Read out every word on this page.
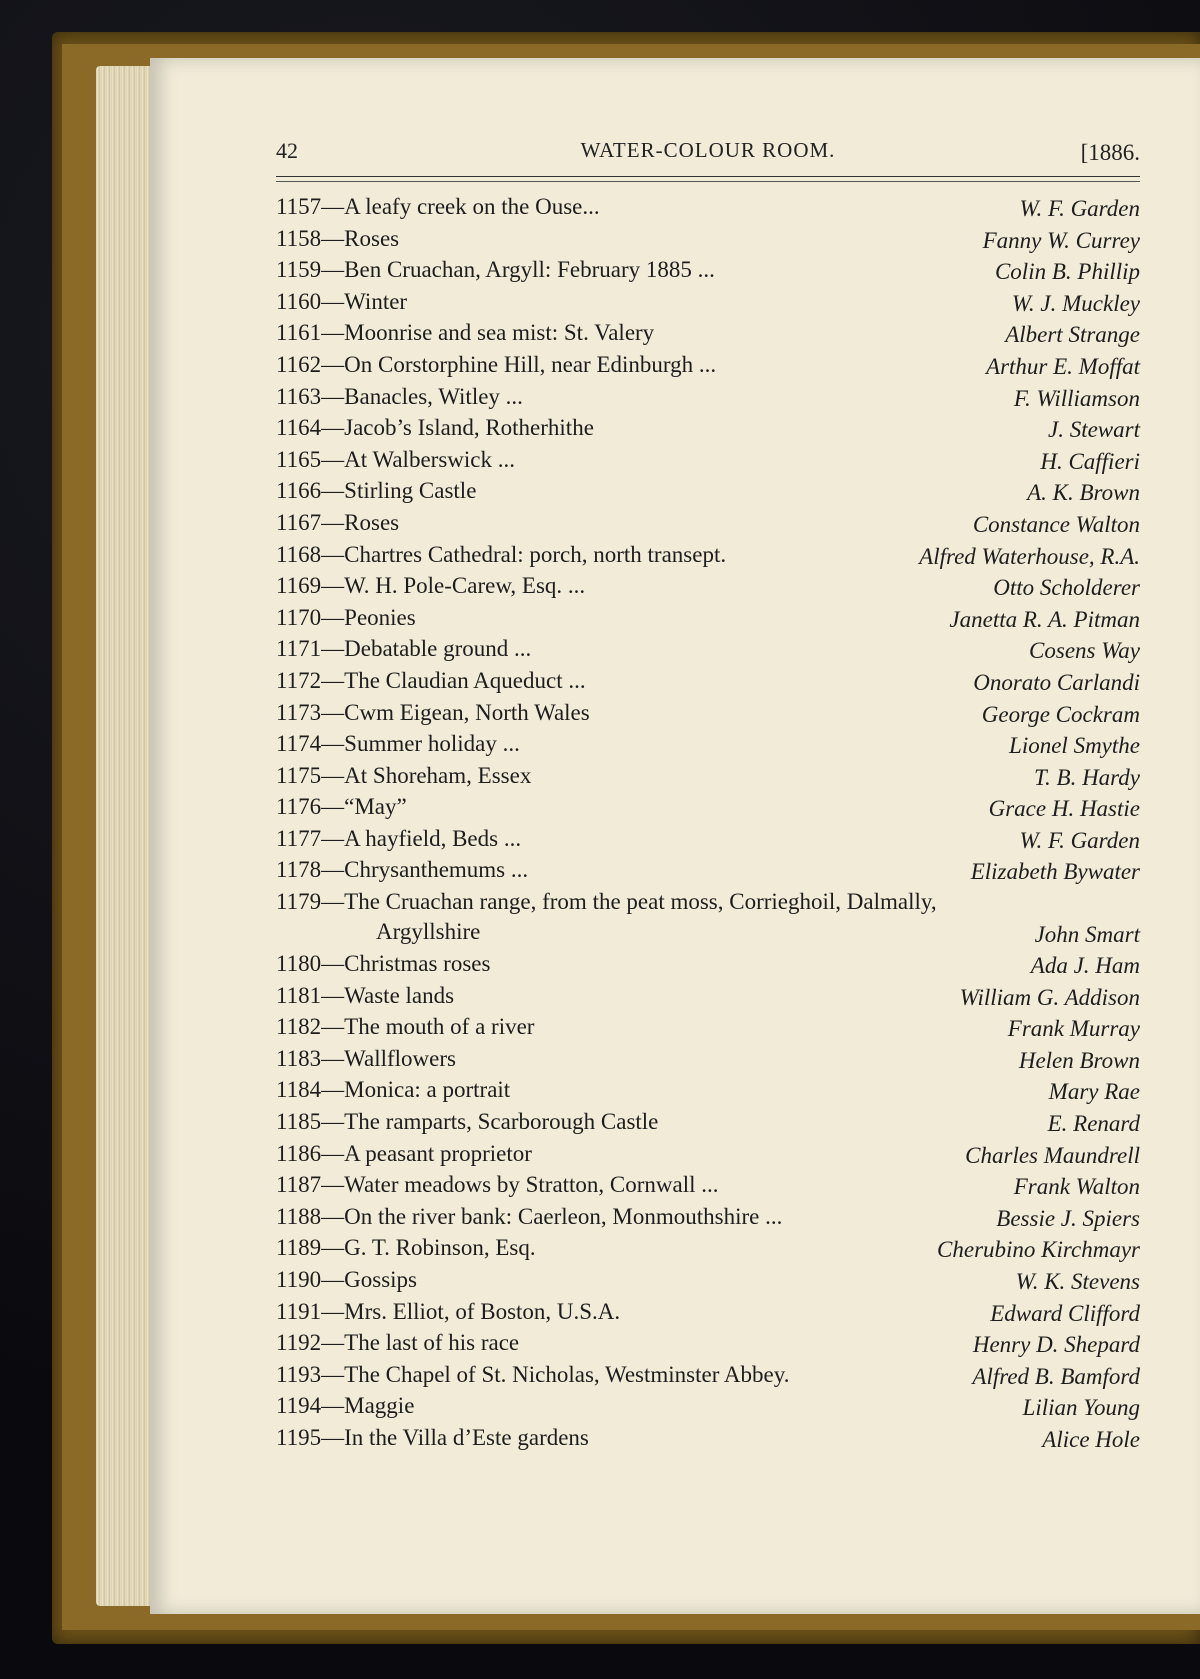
42	WATER-COLOUR ROOM.	[1886.
1157—A leafy creek on the Ouse...	W. F. Garden
1158—Roses	Fanny W. Currey
1159—Ben Cruachan, Argyll: February 1885 ...	Colin B. Phillip
1160—Winter	W. J. Muckley
1161—Moonrise and sea mist: St. Valery	Albert Strange
1162—On Corstorphine Hill, near Edinburgh ...	Arthur E. Moffat
1163—Banacles, Witley ...	F. Williamson
1164—Jacob’s Island, Rotherhithe	J. Stewart
1165—At Walberswick ...	H. Caffieri
1166—Stirling Castle	A. K. Brown
1167—Roses	Constance Walton
1168—Chartres Cathedral: porch, north transept.	Alfred Waterhouse, R.A.
1169—W. H. Pole-Carew, Esq. ...	Otto Scholderer
1170—Peonies	Janetta R. A. Pitman
1171—Debatable ground ...	Cosens Way
1172—The Claudian Aqueduct ...	Onorato Carlandi
1173—Cwm Eigean, North Wales	George Cockram
1174—Summer holiday ...	Lionel Smythe
1175—At Shoreham, Essex	T. B. Hardy
1176—“May”	Grace H. Hastie
1177—A hayfield, Beds ...	W. F. Garden
1178—Chrysanthemums ...	Elizabeth Bywater
1179—The Cruachan range, from the peat moss, Corrieghoil, Dalmally,
Argyllshire	John Smart
1180—Christmas roses	Ada J. Ham
1181—Waste lands	William G. Addison
1182—The mouth of a river	Frank Murray
1183—Wallflowers	Helen Brown
1184—Monica: a portrait	Mary Rae
1185—The ramparts, Scarborough Castle	E. Renard
1186—A peasant proprietor	Charles Maundrell
1187—Water meadows by Stratton, Cornwall ...	Frank Walton
1188—On the river bank: Caerleon, Monmouthshire ...	Bessie J. Spiers
1189—G. T. Robinson, Esq.	Cherubino Kirchmayr
1190—Gossips	W. K. Stevens
1191—Mrs. Elliot, of Boston, U.S.A.	Edward Clifford
1192—The last of his race	Henry D. Shepard
1193—The Chapel of St. Nicholas, Westminster Abbey.	Alfred B. Bamford
1194—Maggie	Lilian Young
1195—In the Villa d’Este gardens	Alice Hole
